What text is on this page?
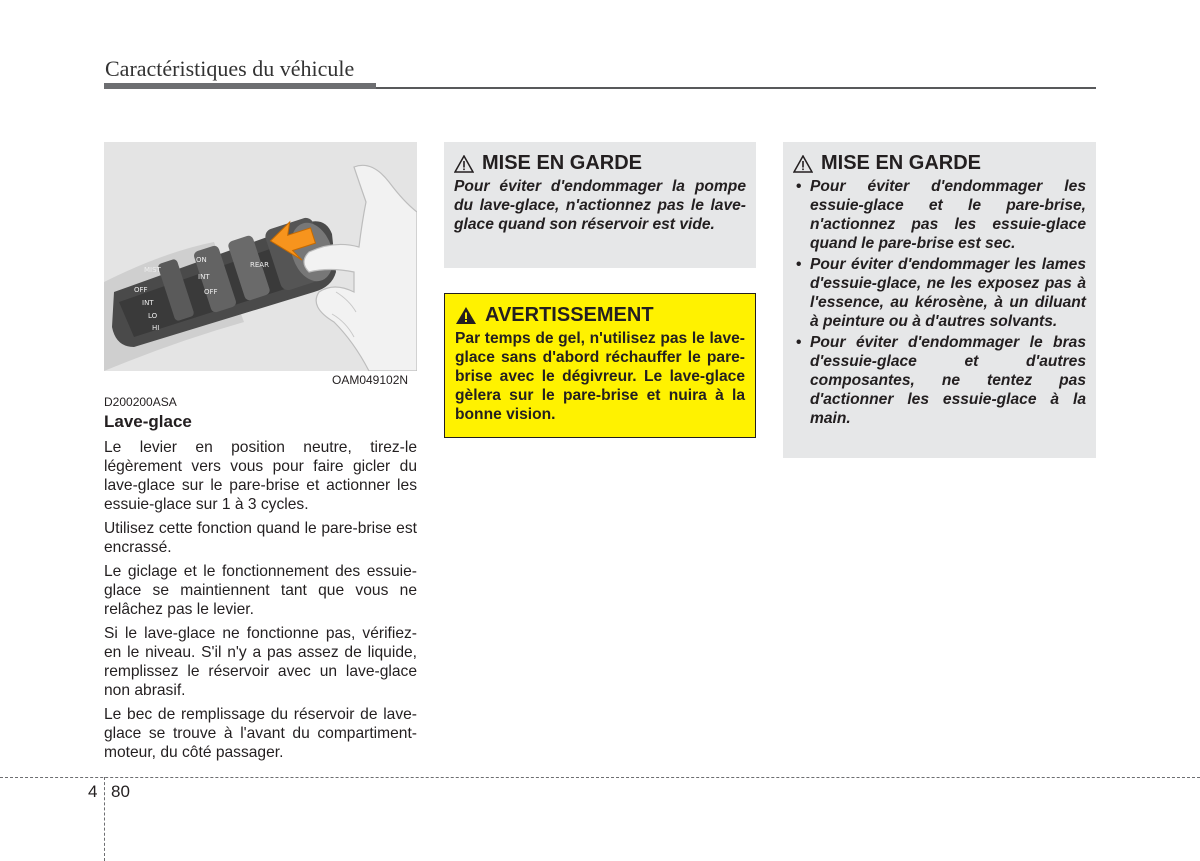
Caractéristiques du véhicule
MIST
OFF
INT
LO
HI
ON
INT
OFF
REAR
OAM049102N
D200200ASA
Lave-glace

Le levier en position neutre, tirez-le légèrement vers vous pour faire gicler du lave-glace sur le pare-brise et actionner les essuie-glace sur 1 à 3 cycles.

Utilisez cette fonction quand le pare-brise est encrassé.

Le giclage et le fonctionnement des essuie-glace se maintiennent tant que vous ne relâchez pas le levier.

Si le lave-glace ne fonctionne pas, vérifiez-en le niveau. S'il n'y a pas assez de liquide, remplissez le réservoir avec un lave-glace non abrasif.

Le bec de remplissage du réservoir de lave-glace se trouve à l'avant du compartiment-moteur, du côté passager.

MISE EN GARDE
Pour éviter d'endommager la pompe du lave-glace, n'actionnez pas le lave-glace quand son réservoir est vide.
AVERTISSEMENT
Par temps de gel, n'utilisez pas le lave-glace sans d'abord réchauffer le pare-brise avec le dégivreur. Le lave-glace gèlera sur le pare-brise et nuira à la bonne vision.
MISE EN GARDE
• Pour éviter d'endommager les essuie-glace et le pare-brise, n'actionnez pas les essuie-glace quand le pare-brise est sec.
• Pour éviter d'endommager les lames d'essuie-glace, ne les exposez pas à l'essence, au kérosène, à un diluant à peinture ou à d'autres solvants.
• Pour éviter d'endommager le bras d'essuie-glace et d'autres composantes, ne tentez pas d'actionner les essuie-glace à la main.
4 80
